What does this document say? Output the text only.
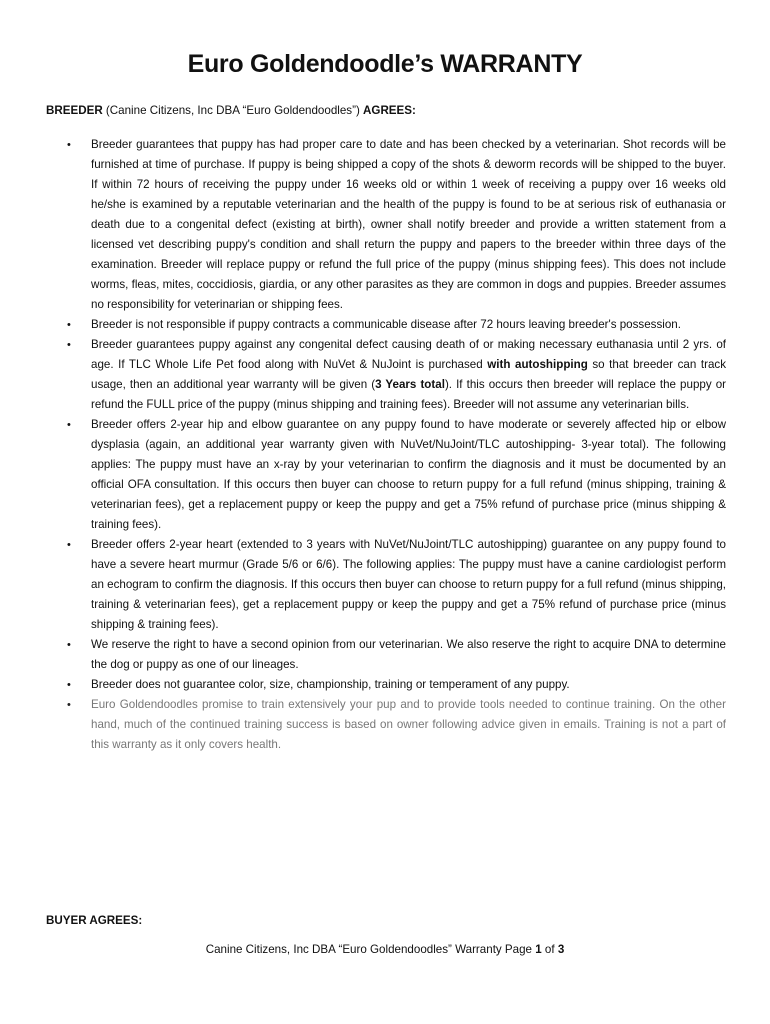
Euro Goldendoodle’s WARRANTY
BREEDER (Canine Citizens, Inc DBA “Euro Goldendoodles”) AGREES:
• Breeder guarantees that puppy has had proper care to date and has been checked by a veterinarian. Shot records will be furnished at time of purchase. If puppy is being shipped a copy of the shots & deworm records will be shipped to the buyer. If within 72 hours of receiving the puppy under 16 weeks old or within 1 week of receiving a puppy over 16 weeks old he/she is examined by a reputable veterinarian and the health of the puppy is found to be at serious risk of euthanasia or death due to a congenital defect (existing at birth), owner shall notify breeder and provide a written statement from a licensed vet describing puppy's condition and shall return the puppy and papers to the breeder within three days of the examination. Breeder will replace puppy or refund the full price of the puppy (minus shipping fees). This does not include worms, fleas, mites, coccidiosis, giardia, or any other parasites as they are common in dogs and puppies. Breeder assumes no responsibility for veterinarian or shipping fees.
• Breeder is not responsible if puppy contracts a communicable disease after 72 hours leaving breeder's possession.
• Breeder guarantees puppy against any congenital defect causing death of or making necessary euthanasia until 2 yrs. of age. If TLC Whole Life Pet food along with NuVet & NuJoint is purchased with autoshipping so that breeder can track usage, then an additional year warranty will be given (3 Years total). If this occurs then breeder will replace the puppy or refund the FULL price of the puppy (minus shipping and training fees). Breeder will not assume any veterinarian bills.
• Breeder offers 2-year hip and elbow guarantee on any puppy found to have moderate or severely affected hip or elbow dysplasia (again, an additional year warranty given with NuVet/NuJoint/TLC autoshipping- 3-year total). The following applies: The puppy must have an x-ray by your veterinarian to confirm the diagnosis and it must be documented by an official OFA consultation. If this occurs then buyer can choose to return puppy for a full refund (minus shipping, training & veterinarian fees), get a replacement puppy or keep the puppy and get a 75% refund of purchase price (minus shipping & training fees).
• Breeder offers 2-year heart (extended to 3 years with NuVet/NuJoint/TLC autoshipping) guarantee on any puppy found to have a severe heart murmur (Grade 5/6 or 6/6). The following applies: The puppy must have a canine cardiologist perform an echogram to confirm the diagnosis. If this occurs then buyer can choose to return puppy for a full refund (minus shipping, training & veterinarian fees), get a replacement puppy or keep the puppy and get a 75% refund of purchase price (minus shipping & training fees).
• We reserve the right to have a second opinion from our veterinarian. We also reserve the right to acquire DNA to determine the dog or puppy as one of our lineages.
• Breeder does not guarantee color, size, championship, training or temperament of any puppy.
• Euro Goldendoodles promise to train extensively your pup and to provide tools needed to continue training. On the other hand, much of the continued training success is based on owner following advice given in emails. Training is not a part of this warranty as it only covers health.
BUYER AGREES:
Canine Citizens, Inc DBA “Euro Goldendoodles” Warranty Page 1 of 3
